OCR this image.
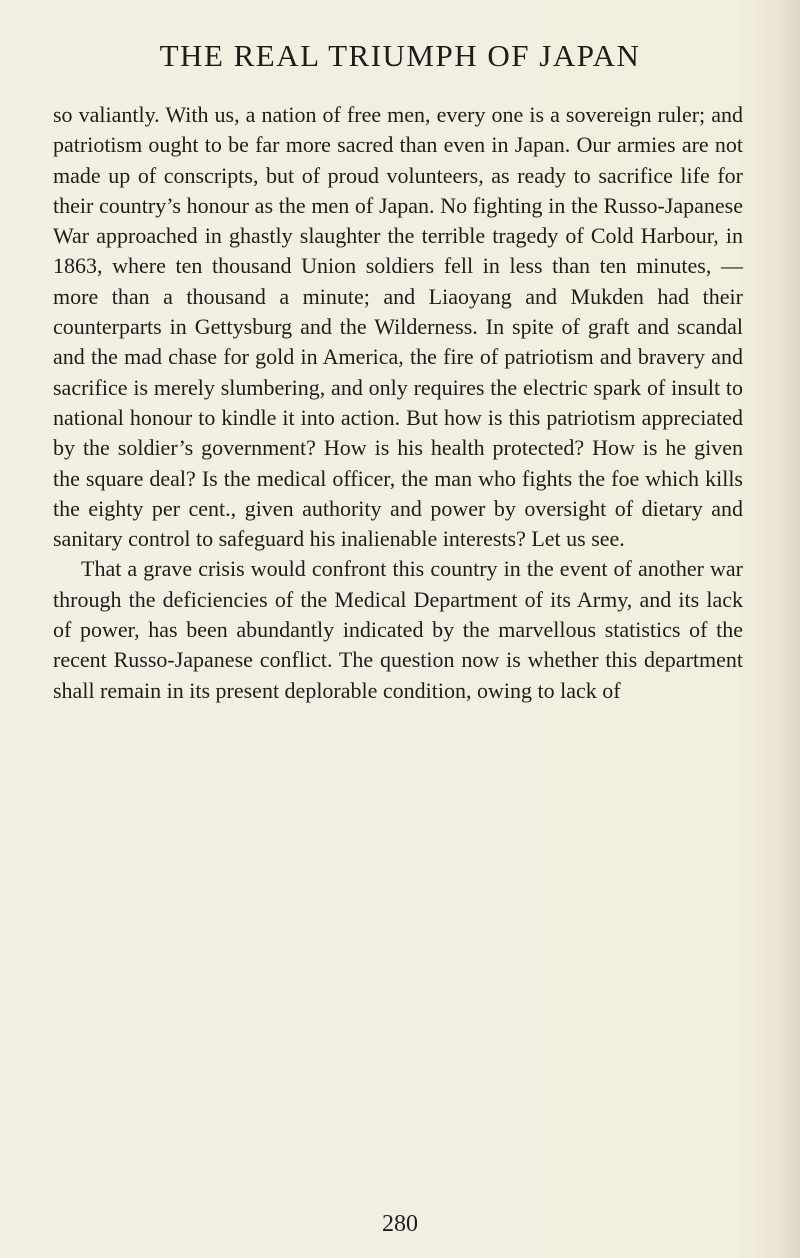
THE REAL TRIUMPH OF JAPAN

so valiantly. With us, a nation of free men, every one is a sovereign ruler; and patriotism ought to be far more sacred than even in Japan. Our armies are not made up of conscripts, but of proud volunteers, as ready to sacrifice life for their country’s honour as the men of Japan. No fighting in the Russo-Japanese War approached in ghastly slaughter the terrible tragedy of Cold Harbour, in 1863, where ten thousand Union soldiers fell in less than ten minutes, — more than a thousand a minute; and Liaoyang and Mukden had their counterparts in Gettysburg and the Wilderness. In spite of graft and scandal and the mad chase for gold in America, the fire of patriotism and bravery and sacrifice is merely slumbering, and only requires the electric spark of insult to national honour to kindle it into action. But how is this patriotism appreciated by the soldier’s government? How is his health protected? How is he given the square deal? Is the medical officer, the man who fights the foe which kills the eighty per cent., given authority and power by oversight of dietary and sanitary control to safeguard his inalienable interests? Let us see.

That a grave crisis would confront this country in the event of another war through the deficiencies of the Medical Department of its Army, and its lack of power, has been abundantly indicated by the marvellous statistics of the recent Russo-Japanese conflict. The question now is whether this department shall remain in its present deplorable condition, owing to lack of

280
